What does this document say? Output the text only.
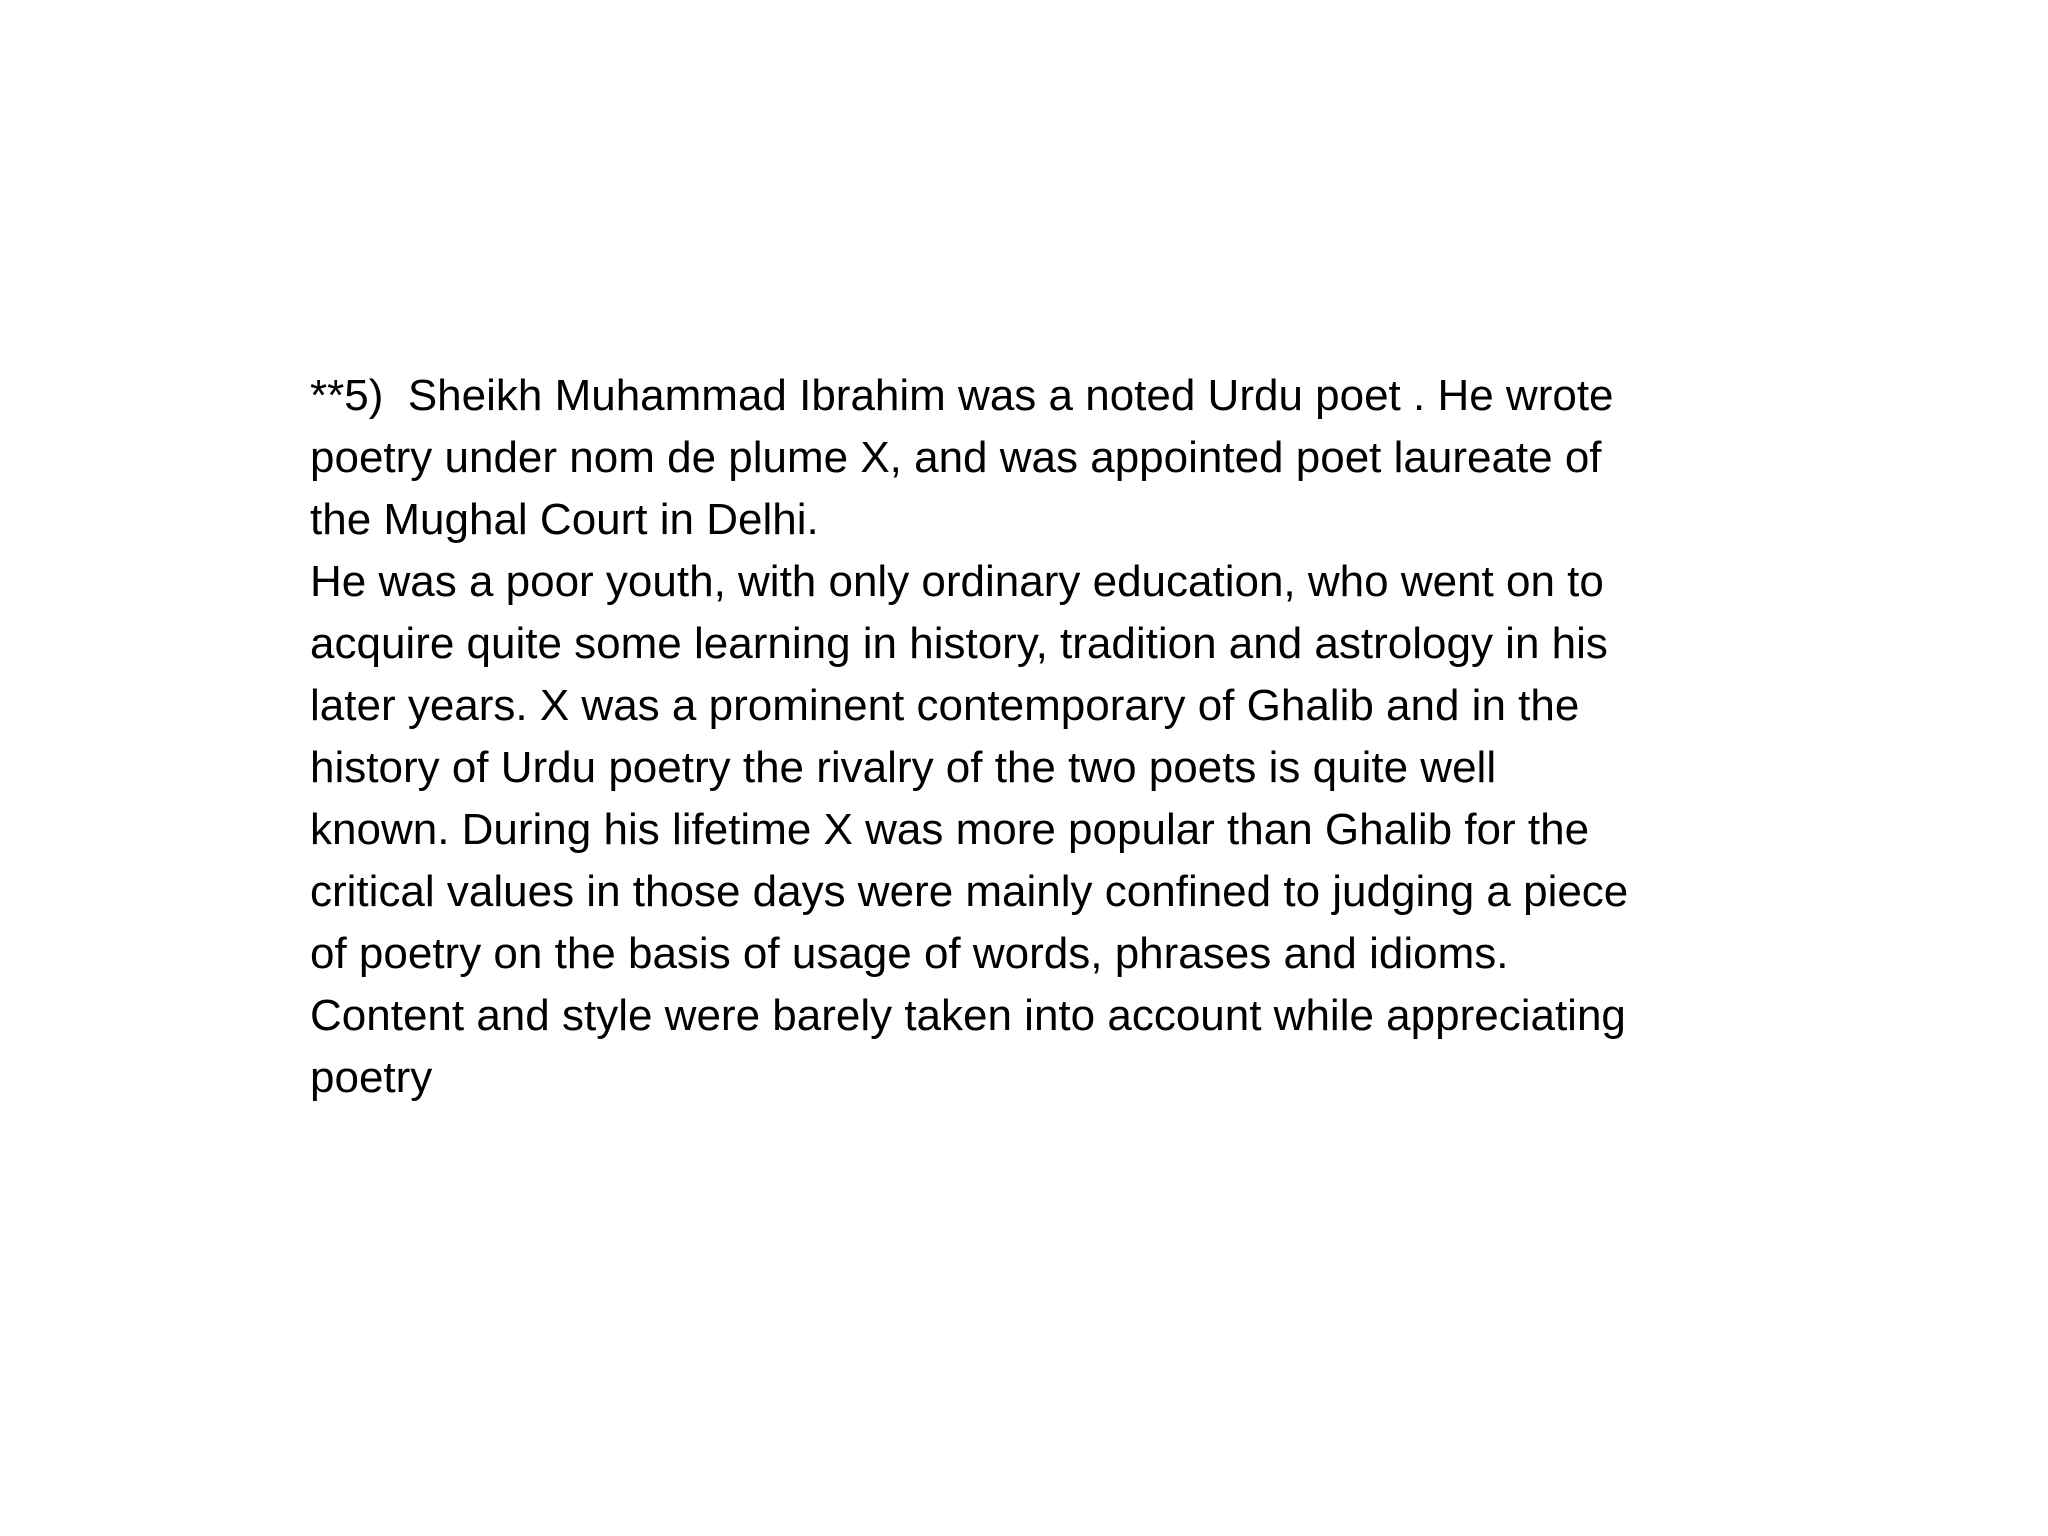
**5)  Sheikh Muhammad Ibrahim was a noted Urdu poet . He wrote
poetry under nom de plume X, and was appointed poet laureate of
the Mughal Court in Delhi.
He was a poor youth, with only ordinary education, who went on to
acquire quite some learning in history, tradition and astrology in his
later years. X was a prominent contemporary of Ghalib and in the
history of Urdu poetry the rivalry of the two poets is quite well
known. During his lifetime X was more popular than Ghalib for the
critical values in those days were mainly confined to judging a piece
of poetry on the basis of usage of words, phrases and idioms.
Content and style were barely taken into account while appreciating
poetry
